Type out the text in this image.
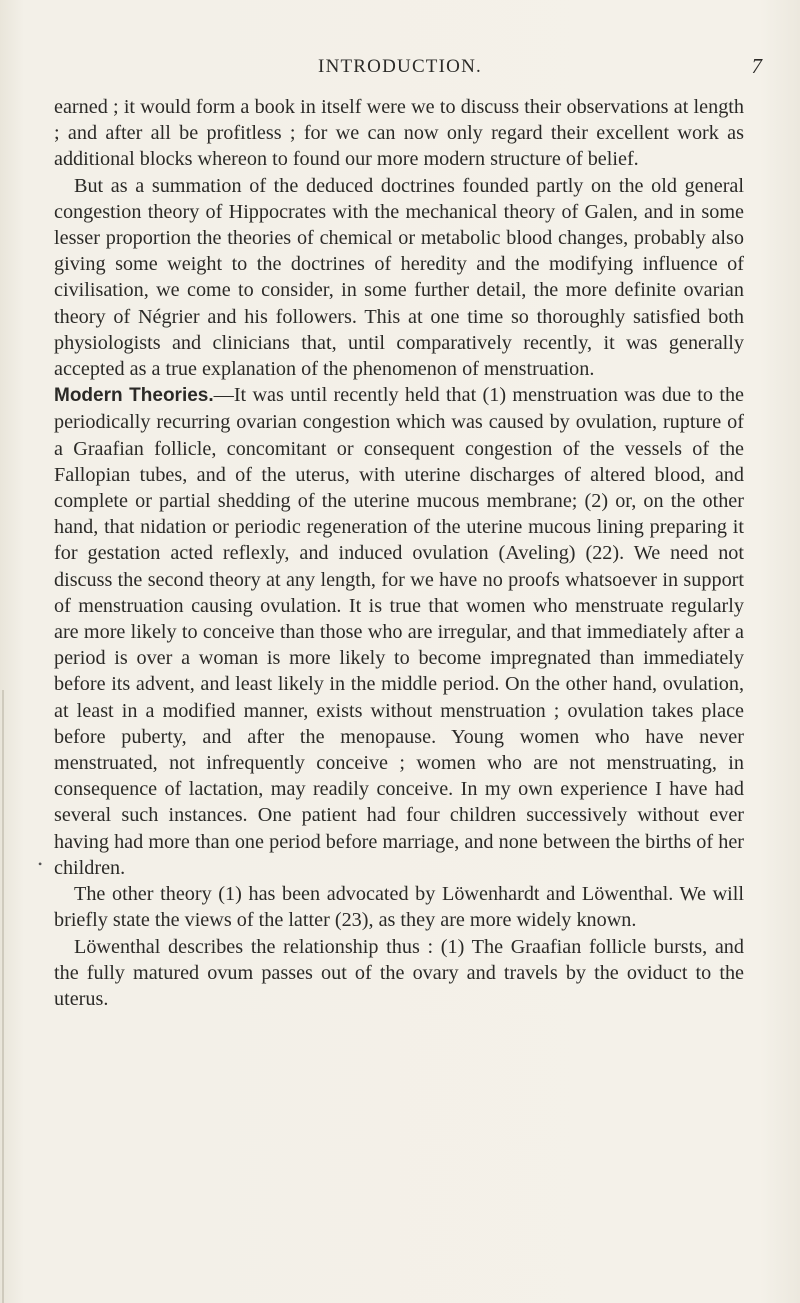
INTRODUCTION.	7
•

earned ; it would form a book in itself were we to discuss their observations at length ; and after all be profitless ; for we can now only regard their excellent work as additional blocks whereon to found our more modern structure of belief.

But as a summation of the deduced doctrines founded partly on the old general congestion theory of Hippocrates with the mechanical theory of Galen, and in some lesser proportion the theories of chemical or metabolic blood changes, probably also giving some weight to the doctrines of heredity and the modifying influence of civilisation, we come to consider, in some further detail, the more definite ovarian theory of Négrier and his followers. This at one time so thoroughly satisfied both physiologists and clinicians that, until comparatively recently, it was generally accepted as a true explanation of the phenomenon of menstruation.

Modern Theories.—It was until recently held that (1) menstruation was due to the periodically recurring ovarian congestion which was caused by ovulation, rupture of a Graafian follicle, concomitant or consequent congestion of the vessels of the Fallopian tubes, and of the uterus, with uterine discharges of altered blood, and complete or partial shedding of the uterine mucous membrane; (2) or, on the other hand, that nidation or periodic regeneration of the uterine mucous lining preparing it for gestation acted reflexly, and induced ovulation (Aveling) (22). We need not discuss the second theory at any length, for we have no proofs whatsoever in support of menstruation causing ovulation. It is true that women who menstruate regularly are more likely to conceive than those who are irregular, and that immediately after a period is over a woman is more likely to become impregnated than immediately before its advent, and least likely in the middle period. On the other hand, ovulation, at least in a modified manner, exists without menstruation ; ovulation takes place before puberty, and after the menopause. Young women who have never menstruated, not infrequently conceive ; women who are not menstruating, in consequence of lactation, may readily conceive. In my own experience I have had several such instances. One patient had four children successively without ever having had more than one period before marriage, and none between the births of her children.

The other theory (1) has been advocated by Löwenhardt and Löwenthal. We will briefly state the views of the latter (23), as they are more widely known.

Löwenthal describes the relationship thus : (1) The Graafian follicle bursts, and the fully matured ovum passes out of the ovary and travels by the oviduct to the uterus.
